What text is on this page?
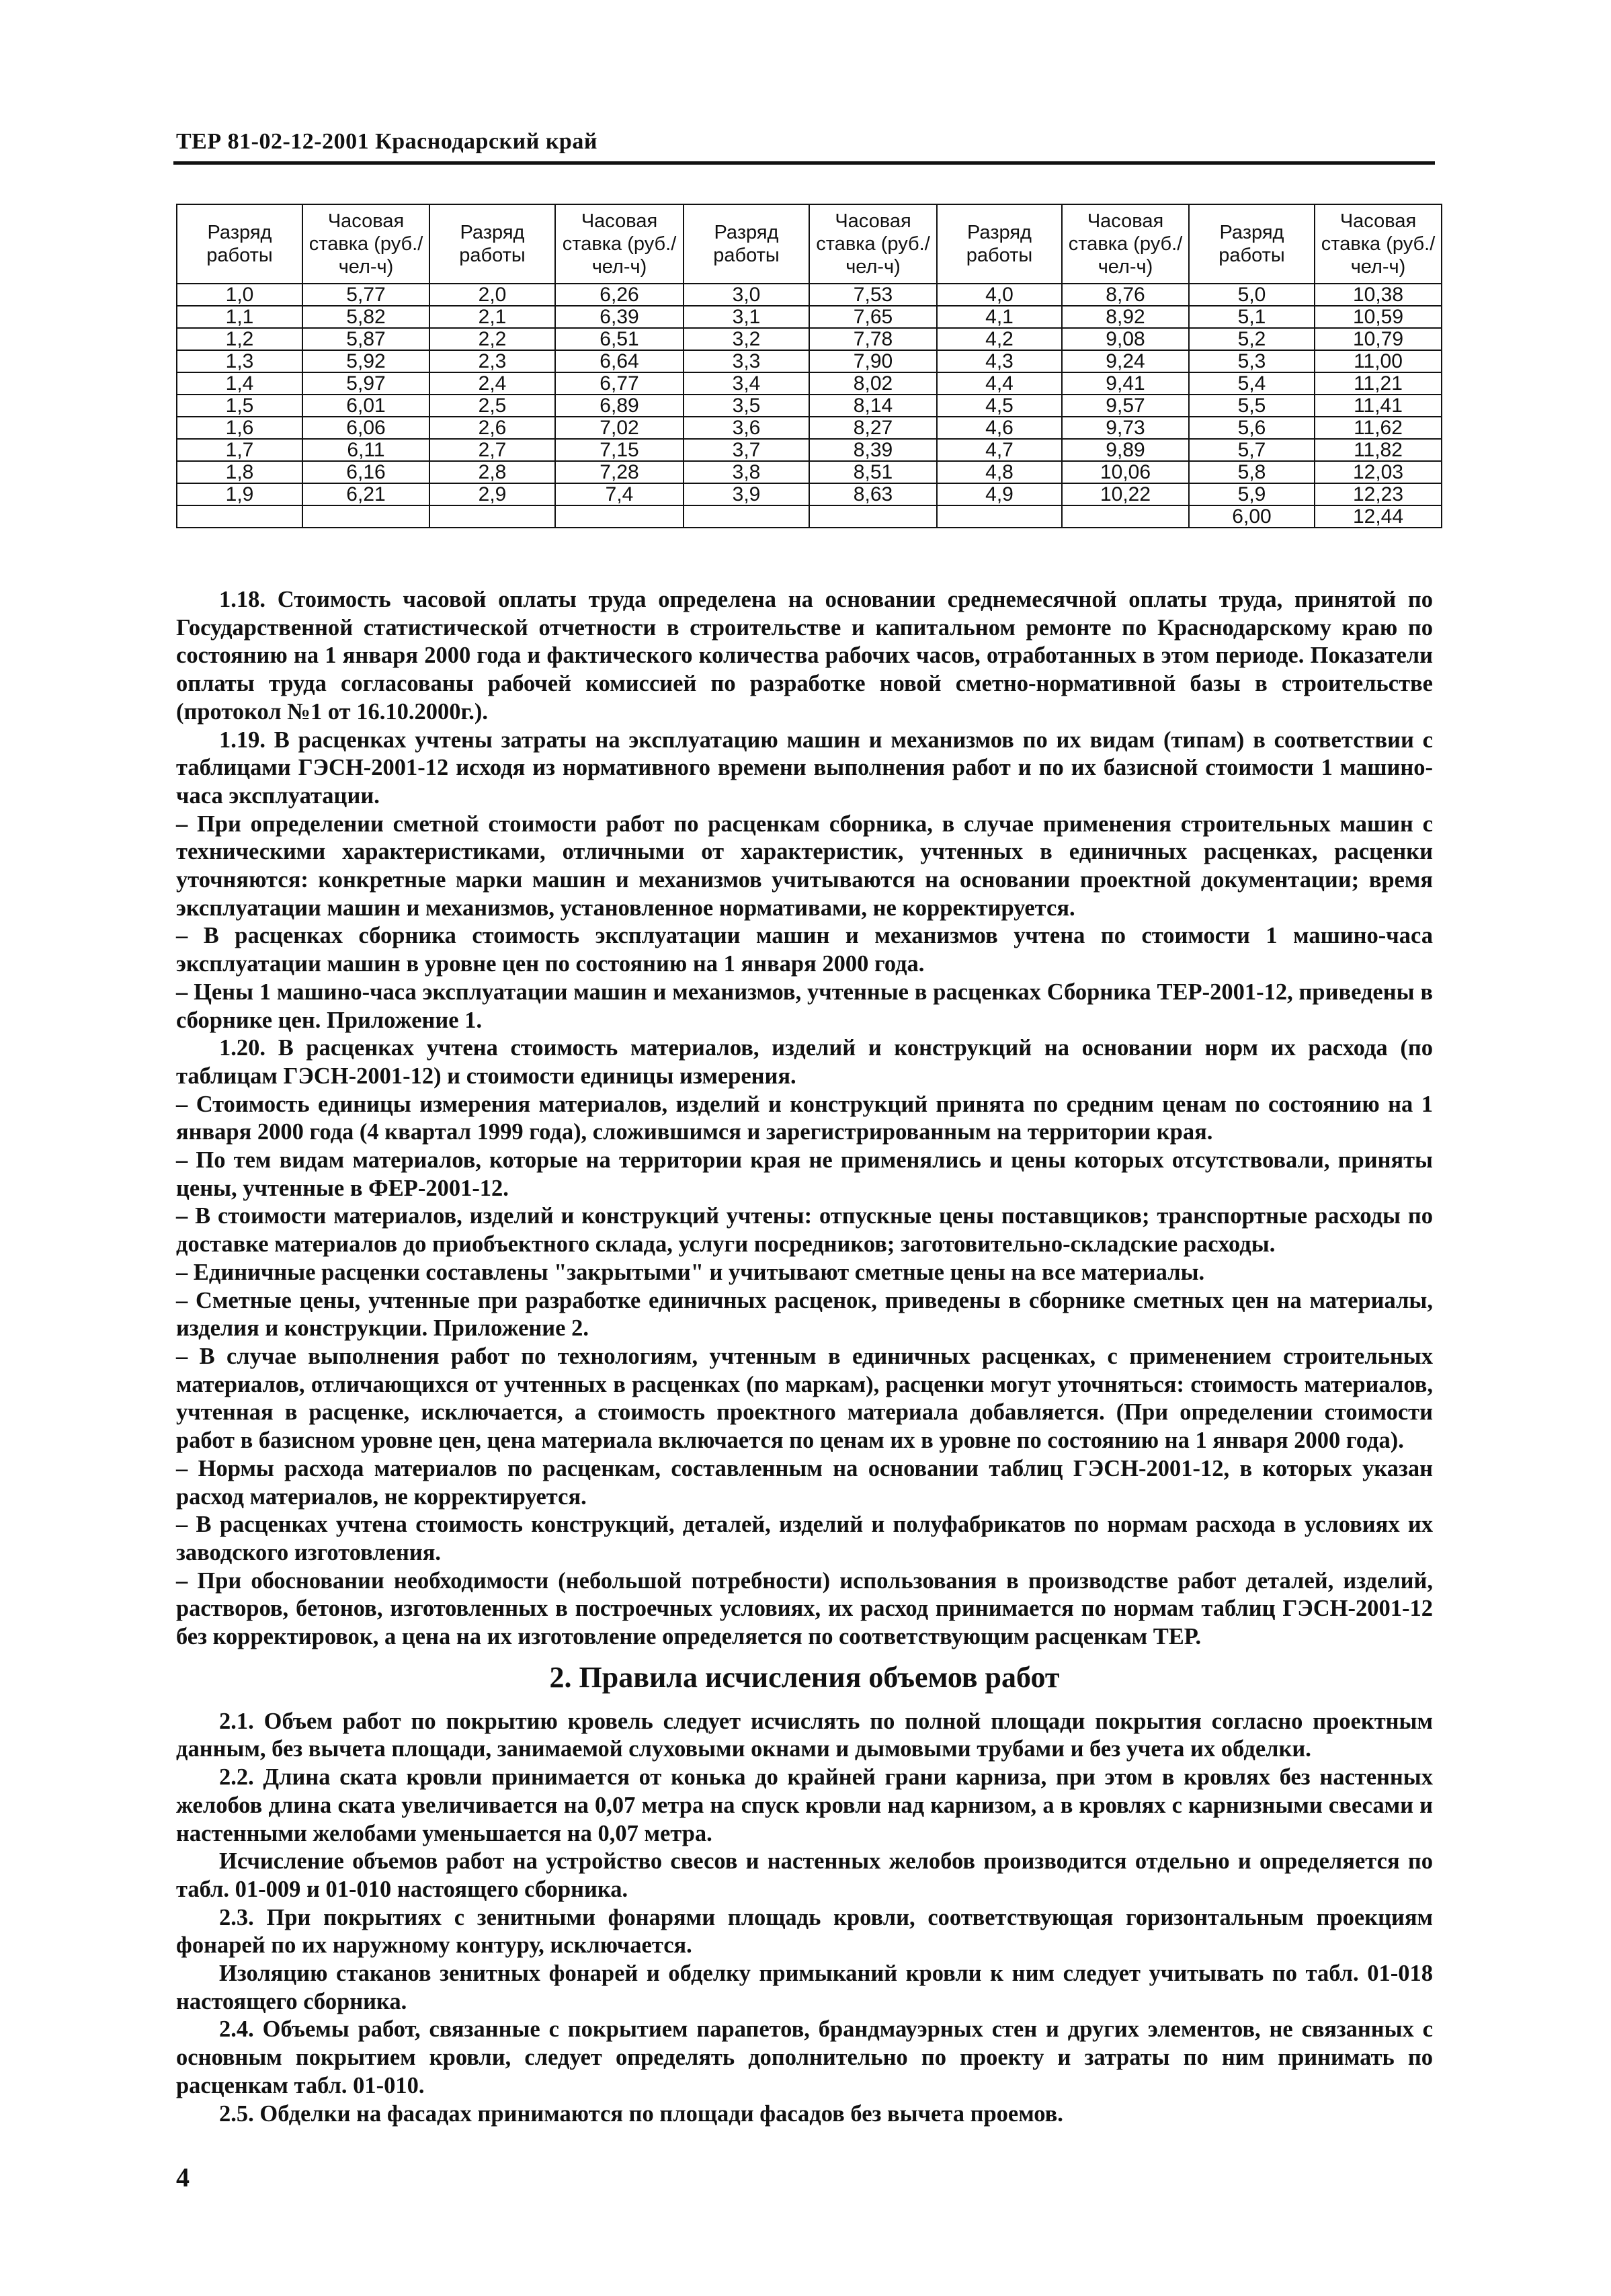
ТЕР 81-02-12-2001 Краснодарский край
Разряд работы	Часовая ставка (руб./чел-ч)	Разряд работы	Часовая ставка (руб./чел-ч)	Разряд работы	Часовая ставка (руб./чел-ч)	Разряд работы	Часовая ставка (руб./чел-ч)	Разряд работы	Часовая ставка (руб./чел-ч)
1,0	5,77	2,0	6,26	3,0	7,53	4,0	8,76	5,0	10,38
1,1	5,82	2,1	6,39	3,1	7,65	4,1	8,92	5,1	10,59
1,2	5,87	2,2	6,51	3,2	7,78	4,2	9,08	5,2	10,79
1,3	5,92	2,3	6,64	3,3	7,90	4,3	9,24	5,3	11,00
1,4	5,97	2,4	6,77	3,4	8,02	4,4	9,41	5,4	11,21
1,5	6,01	2,5	6,89	3,5	8,14	4,5	9,57	5,5	11,41
1,6	6,06	2,6	7,02	3,6	8,27	4,6	9,73	5,6	11,62
1,7	6,11	2,7	7,15	3,7	8,39	4,7	9,89	5,7	11,82
1,8	6,16	2,8	7,28	3,8	8,51	4,8	10,06	5,8	12,03
1,9	6,21	2,9	7,4	3,9	8,63	4,9	10,22	5,9	12,23
								6,00	12,44

1.18. Стоимость часовой оплаты труда определена на основании среднемесячной оплаты труда, принятой по Государственной статистической отчетности в строительстве и капитальном ремонте по Краснодарскому краю по состоянию на 1 января 2000 года и фактического количества рабочих часов, отработанных в этом периоде. Показатели оплаты труда согласованы рабочей комиссией по разработке новой сметно-нормативной базы в строительстве (протокол №1 от 16.10.2000г.).

1.19. В расценках учтены затраты на эксплуатацию машин и механизмов по их видам (типам) в соответствии с таблицами ГЭСН-2001-12 исходя из нормативного времени выполнения работ и по их базисной стоимости 1 машино-часа эксплуатации.

– При определении сметной стоимости работ по расценкам сборника, в случае применения строительных машин с техническими характеристиками, отличными от характеристик, учтенных в единичных расценках, расценки уточняются: конкретные марки машин и механизмов учитываются на основании проектной документации; время эксплуатации машин и механизмов, установленное нормативами, не корректируется.

– В расценках сборника стоимость эксплуатации машин и механизмов учтена по стоимости 1 машино-часа эксплуатации машин в уровне цен по состоянию на 1 января 2000 года.

– Цены 1 машино-часа эксплуатации машин и механизмов, учтенные в расценках Сборника ТЕР-2001-12, приведены в сборнике цен. Приложение 1.

1.20. В расценках учтена стоимость материалов, изделий и конструкций на основании норм их расхода (по таблицам ГЭСН-2001-12) и стоимости единицы измерения.

– Стоимость единицы измерения материалов, изделий и конструкций принята по средним ценам по состоянию на 1 января 2000 года (4 квартал 1999 года), сложившимся и зарегистрированным на территории края.

– По тем видам материалов, которые на территории края не применялись и цены которых отсутствовали, приняты цены, учтенные в ФЕР-2001-12.

– В стоимости материалов, изделий и конструкций учтены: отпускные цены поставщиков; транспортные расходы по доставке материалов до приобъектного склада, услуги посредников; заготовительно-складские расходы.

– Единичные расценки составлены "закрытыми" и учитывают сметные цены на все материалы.

– Сметные цены, учтенные при разработке единичных расценок, приведены в сборнике сметных цен на материалы, изделия и конструкции. Приложение 2.

– В случае выполнения работ по технологиям, учтенным в единичных расценках, с применением строительных материалов, отличающихся от учтенных в расценках (по маркам), расценки могут уточняться: стоимость материалов, учтенная в расценке, исключается, а стоимость проектного материала добавляется. (При определении стоимости работ в базисном уровне цен, цена материала включается по ценам их в уровне по состоянию на 1 января 2000 года).

– Нормы расхода материалов по расценкам, составленным на основании таблиц ГЭСН-2001-12, в которых указан расход материалов, не корректируется.

– В расценках учтена стоимость конструкций, деталей, изделий и полуфабрикатов по нормам расхода в условиях их заводского изготовления.

– При обосновании необходимости (небольшой потребности) использования в производстве работ деталей, изделий, растворов, бетонов, изготовленных в построечных условиях, их расход принимается по нормам таблиц ГЭСН-2001-12 без корректировок, а цена на их изготовление определяется по соответствующим расценкам ТЕР.

2. Правила исчисления объемов работ

2.1. Объем работ по покрытию кровель следует исчислять по полной площади покрытия согласно проектным данным, без вычета площади, занимаемой слуховыми окнами и дымовыми трубами и без учета их обделки.

2.2. Длина ската кровли принимается от конька до крайней грани карниза, при этом в кровлях без настенных желобов длина ската увеличивается на 0,07 метра на спуск кровли над карнизом, а в кровлях с карнизными свесами и настенными желобами уменьшается на 0,07 метра.

Исчисление объемов работ на устройство свесов и настенных желобов производится отдельно и определяется по табл. 01-009 и 01-010 настоящего сборника.

2.3. При покрытиях с зенитными фонарями площадь кровли, соответствующая горизонтальным проекциям фонарей по их наружному контуру, исключается.

Изоляцию стаканов зенитных фонарей и обделку примыканий кровли к ним следует учитывать по табл. 01-018 настоящего сборника.

2.4. Объемы работ, связанные с покрытием парапетов, брандмауэрных стен и других элементов, не связанных с основным покрытием кровли, следует определять дополнительно по проекту и затраты по ним принимать по расценкам табл. 01-010.

2.5. Обделки на фасадах принимаются по площади фасадов без вычета проемов.

4
